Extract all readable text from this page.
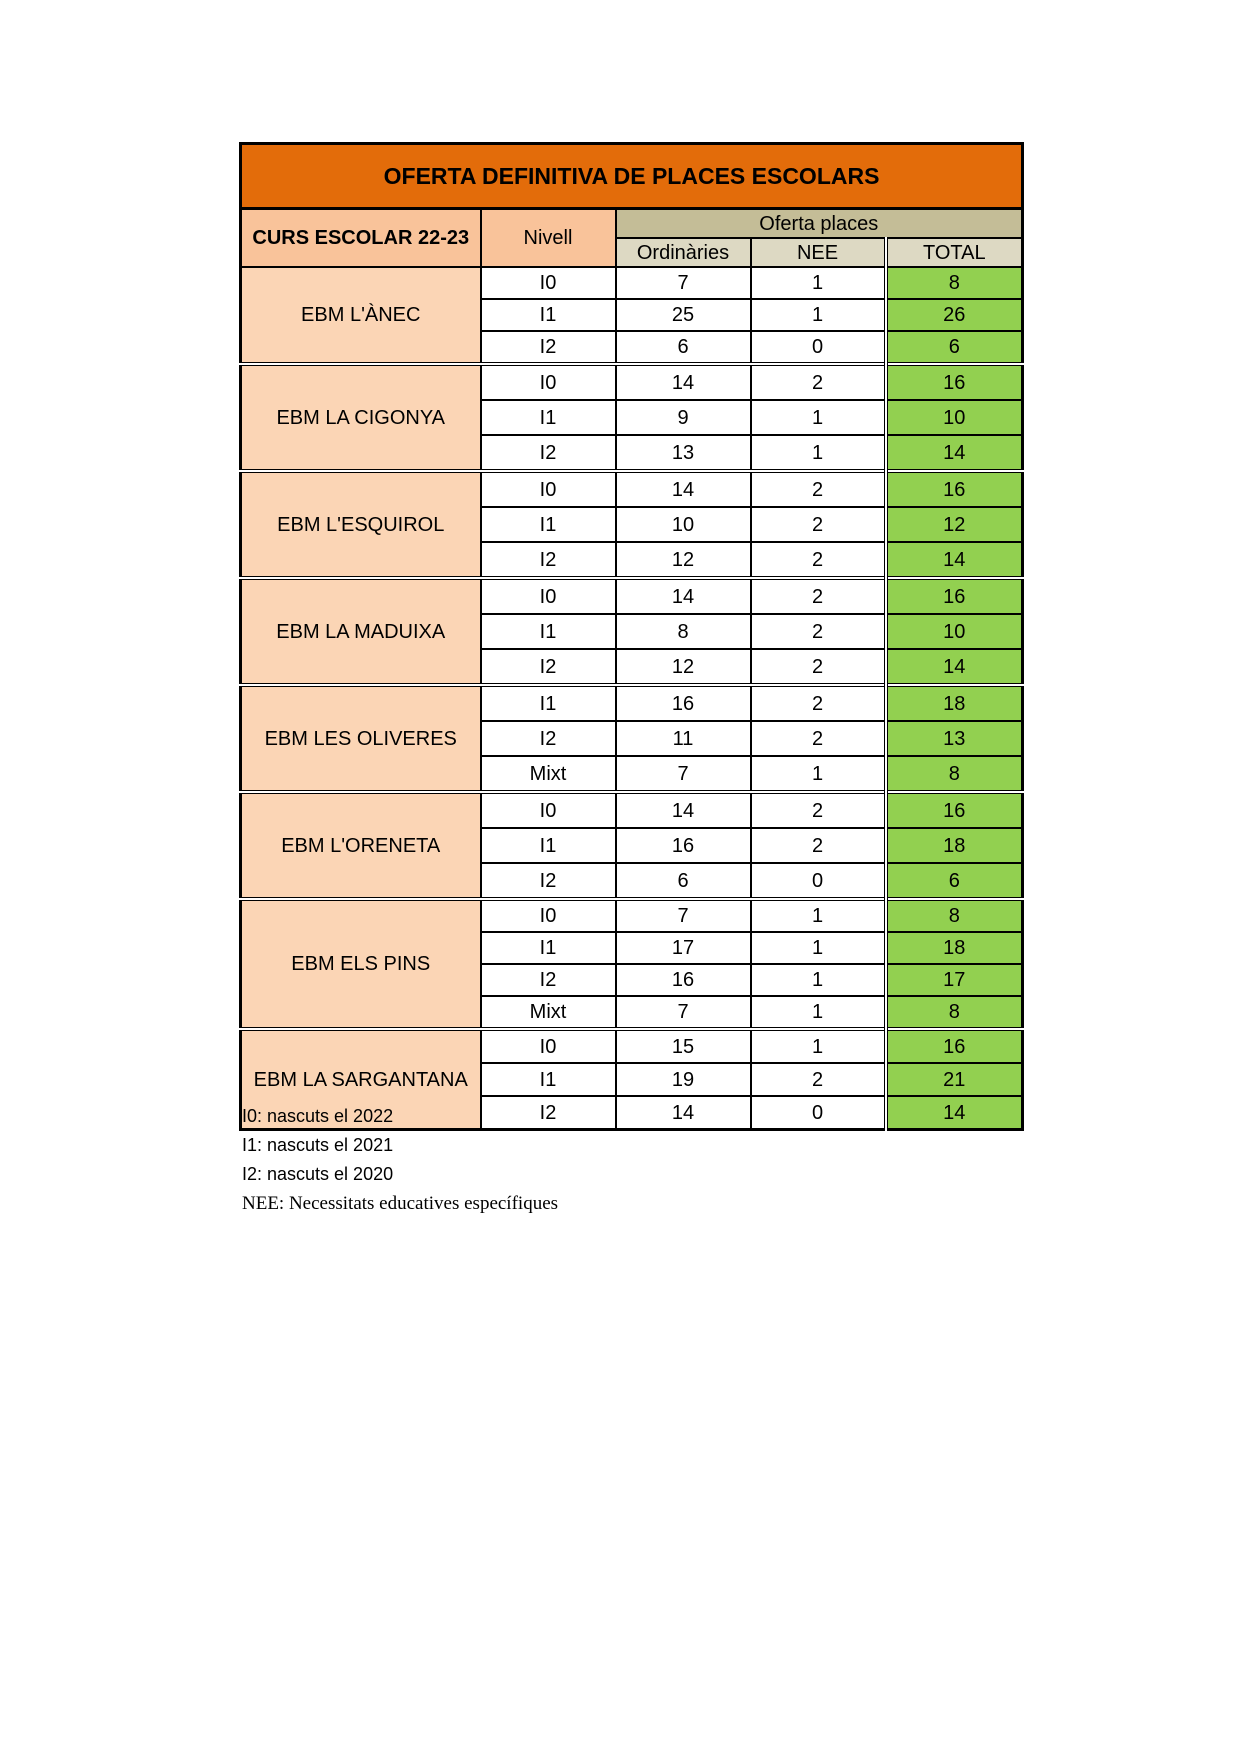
OFERTA DEFINITIVA DE PLACES ESCOLARS				
CURS ESCOLAR 22-23	Nivell	Oferta places		
		Ordinàries	NEE	TOTAL
EBM L'ÀNEC	I0	7	1	8
	I1	25	1	26
	I2	6	0	6
EBM LA CIGONYA	I0	14	2	16
	I1	9	1	10
	I2	13	1	14
EBM L'ESQUIROL	I0	14	2	16
	I1	10	2	12
	I2	12	2	14
EBM LA MADUIXA	I0	14	2	16
	I1	8	2	10
	I2	12	2	14
EBM LES OLIVERES	I1	16	2	18
	I2	11	2	13
	Mixt	7	1	8
EBM L'ORENETA	I0	14	2	16
	I1	16	2	18
	I2	6	0	6
EBM ELS PINS	I0	7	1	8
	I1	17	1	18
	I2	16	1	17
	Mixt	7	1	8
EBM LA SARGANTANA	I0	15	1	16
	I1	19	2	21
	I2	14	0	14
I0: nascuts el 2022
I1: nascuts el 2021
I2: nascuts el 2020
NEE: Necessitats educatives específiques
